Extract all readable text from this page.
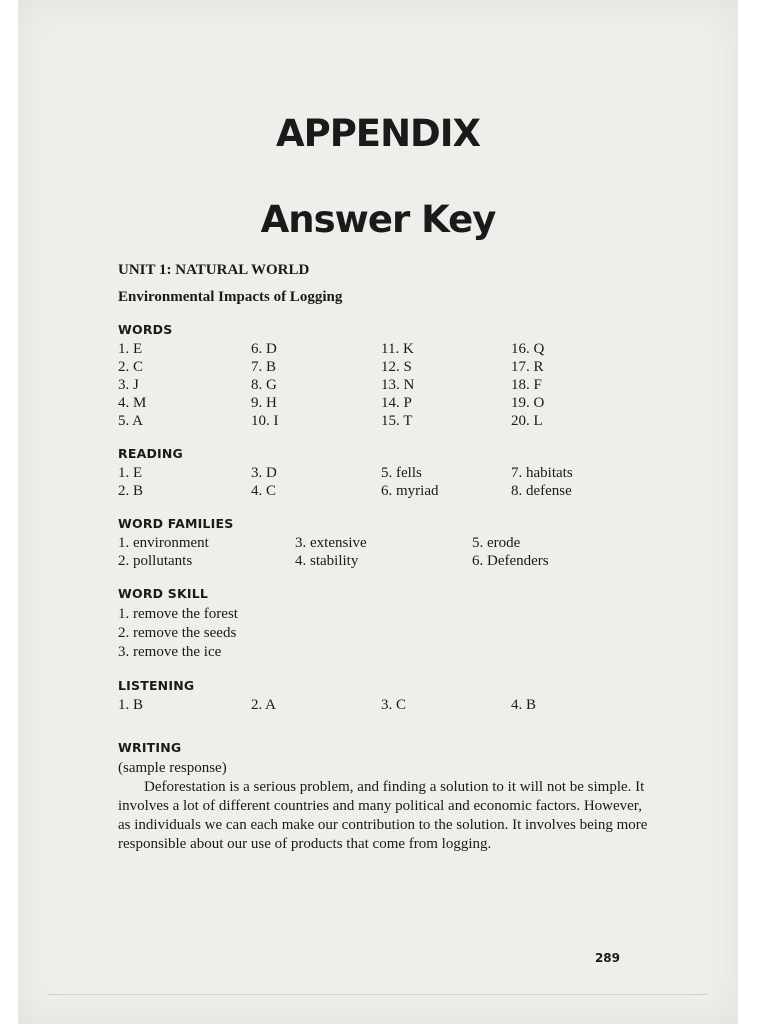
APPENDIX
Answer Key
UNIT 1: NATURAL WORLD
Environmental Impacts of Logging
WORDS
1. E	6. D	11. K	16. Q
2. C	7. B	12. S	17. R
3. J	8. G	13. N	18. F
4. M	9. H	14. P	19. O
5. A	10. I	15. T	20. L
READING
1. E	3. D	5. fells	7. habitats
2. B	4. C	6. myriad	8. defense
WORD FAMILIES
1. environment	3. extensive	5. erode
2. pollutants	4. stability	6. Defenders
WORD SKILL
1. remove the forest
2. remove the seeds
3. remove the ice
LISTENING
1. B	2. A	3. C	4. B
WRITING
(sample response)
Deforestation is a serious problem, and finding a solution to it will not be simple. It involves a lot of different countries and many political and economic factors. However, as individuals we can each make our contribution to the solution. It involves being more responsible about our use of products that come from logging.
289
